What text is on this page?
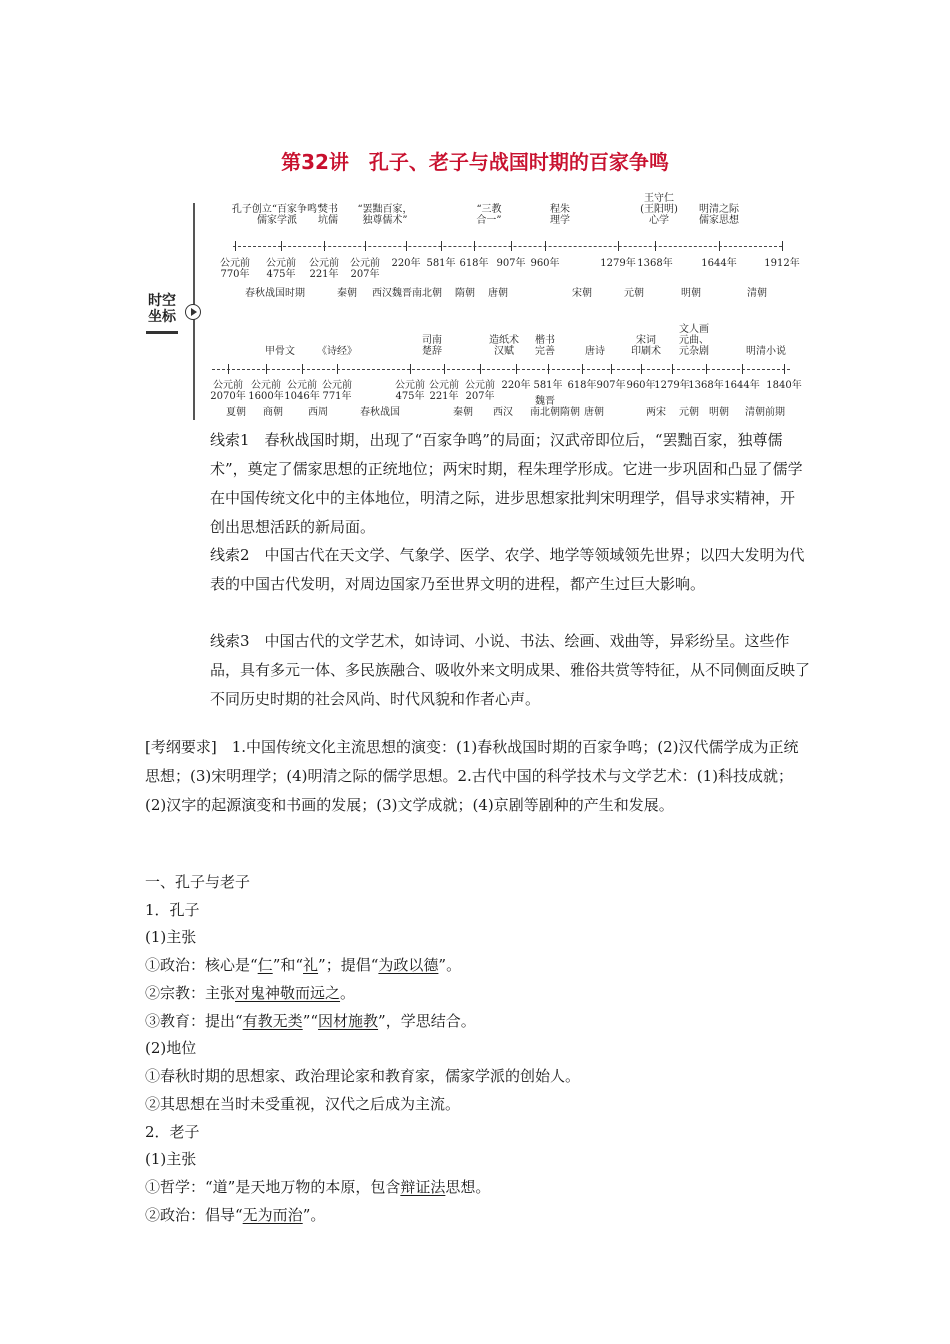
第32讲　孔子、老子与战国时期的百家争鸣
时空
坐标
公元前
770年
公元前
475年
公元前
221年
公元前
207年
220年 581年 618年 907年 960年	1279年 1368年	1644年	1912年
孔子创立“百家争鸣”
儒家学派
焚书
坑儒
“罢黜百家，
独尊儒术”
“三教
合一”
程朱
理学
王守仁
(王阳明)
心学
明清之际
儒家思想
春秋战国时期	秦朝	西汉 魏晋南北朝	隋朝	唐朝	宋朝	元朝	明朝	清朝
公元前
2070年
公元前
1600年
公元前
1046年
公元前
771年
公元前
475年
公元前
221年
公元前
207年
220年 581年 618年 907年 960年
1279年
1368年 1644年 1840年
甲骨文	《诗经》
司南
楚辞
造纸术
汉赋
楷书
完善	唐诗
宋词
印刷术
文人画
元曲、
元杂剧	明清小说
夏朝	商朝	西周	春秋战国	秦朝	西汉
魏晋
南北朝 隋朝 唐朝	两宋	元朝	明朝	清朝前期
线索1　春秋战国时期，出现了“百家争鸣”的局面；汉武帝即位后，“罢黜百家，独尊儒术”，奠定了儒家思想的正统地位；两宋时期，程朱理学形成。它进一步巩固和凸显了儒学在中国传统文化中的主体地位，明清之际，进步思想家批判宋明理学，倡导求实精神，开创出思想活跃的新局面。
线索2　中国古代在天文学、气象学、医学、农学、地学等领域领先世界；以四大发明为代表的中国古代发明，对周边国家乃至世界文明的进程，都产生过巨大影响。
线索3　中国古代的文学艺术，如诗词、小说、书法、绘画、戏曲等，异彩纷呈。这些作品，具有多元一体、多民族融合、吸收外来文明成果、雅俗共赏等特征，从不同侧面反映了不同历史时期的社会风尚、时代风貌和作者心声。
[考纲要求]　1.中国传统文化主流思想的演变：(1)春秋战国时期的百家争鸣；(2)汉代儒学成为正统思想；(3)宋明理学；(4)明清之际的儒学思想。2.古代中国的科学技术与文学艺术：(1)科技成就；(2)汉字的起源演变和书画的发展；(3)文学成就；(4)京剧等剧种的产生和发展。
一、孔子与老子
1．孔子
(1)主张
①政治：核心是“仁”和“礼”；提倡“为政以德”。
②宗教：主张对鬼神敬而远之。
③教育：提出“有教无类”“因材施教”，学思结合。
(2)地位
①春秋时期的思想家、政治理论家和教育家，儒家学派的创始人。
②其思想在当时未受重视，汉代之后成为主流。
2．老子
(1)主张
①哲学：“道”是天地万物的本原，包含辩证法思想。
②政治：倡导“无为而治”。
